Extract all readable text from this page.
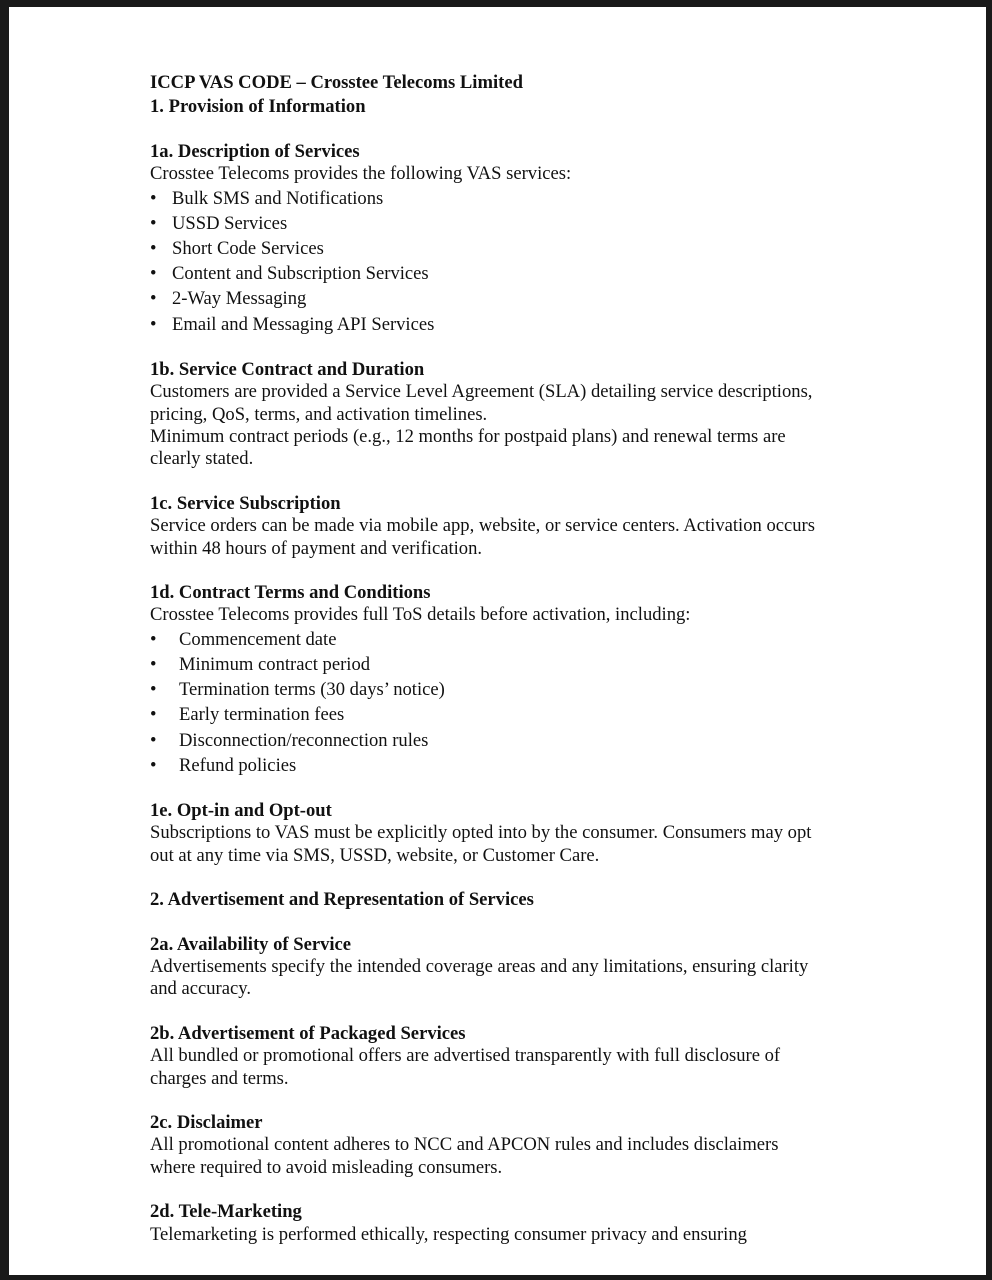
ICCP VAS CODE – Crosstee Telecoms Limited

1. Provision of Information

1a. Description of Services

Crosstee Telecoms provides the following VAS services:

• Bulk SMS and Notifications
• USSD Services
• Short Code Services
• Content and Subscription Services
• 2-Way Messaging
• Email and Messaging API Services

1b. Service Contract and Duration

Customers are provided a Service Level Agreement (SLA) detailing service descriptions,

pricing, QoS, terms, and activation timelines.

Minimum contract periods (e.g., 12 months for postpaid plans) and renewal terms are

clearly stated.

1c. Service Subscription

Service orders can be made via mobile app, website, or service centers. Activation occurs

within 48 hours of payment and verification.

1d. Contract Terms and Conditions

Crosstee Telecoms provides full ToS details before activation, including:

• Commencement date
• Minimum contract period
• Termination terms (30 days’ notice)
• Early termination fees
• Disconnection/reconnection rules
• Refund policies

1e. Opt-in and Opt-out

Subscriptions to VAS must be explicitly opted into by the consumer. Consumers may opt

out at any time via SMS, USSD, website, or Customer Care.

2. Advertisement and Representation of Services

2a. Availability of Service

Advertisements specify the intended coverage areas and any limitations, ensuring clarity

and accuracy.

2b. Advertisement of Packaged Services

All bundled or promotional offers are advertised transparently with full disclosure of

charges and terms.

2c. Disclaimer

All promotional content adheres to NCC and APCON rules and includes disclaimers

where required to avoid misleading consumers.

2d. Tele-Marketing

Telemarketing is performed ethically, respecting consumer privacy and ensuring
